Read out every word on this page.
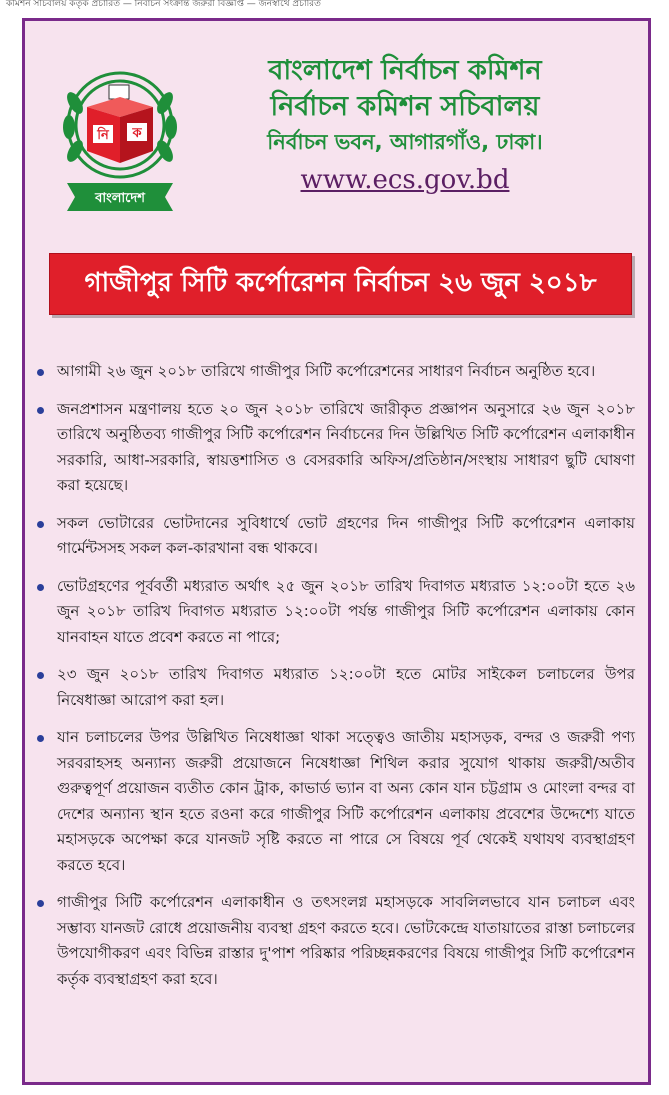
কমিশন সচিবালয় কর্তৃক প্রচারিত — নির্বাচন সংক্রান্ত জরুরী বিজ্ঞপ্তি — জনস্বার্থে প্রচারিত
নি ক
বাংলাদেশ
বাংলাদেশ নির্বাচন কমিশন
নির্বাচন কমিশন সচিবালয়
নির্বাচন ভবন, আগারগাঁও, ঢাকা।
www.ecs.gov.bd
গাজীপুর সিটি কর্পোরেশন নির্বাচন ২৬ জুন ২০১৮
আগামী ২৬ জুন ২০১৮ তারিখে গাজীপুর সিটি কর্পোরেশনের সাধারণ নির্বাচন অনুষ্ঠিত হবে।
জনপ্রশাসন মন্ত্রণালয় হতে ২০ জুন ২০১৮ তারিখে জারীকৃত প্রজ্ঞাপন অনুসারে ২৬ জুন ২০১৮ তারিখে অনুষ্ঠিতব্য গাজীপুর সিটি কর্পোরেশন নির্বাচনের দিন উল্লিখিত সিটি কর্পোরেশন এলাকাধীন সরকারি, আধা-সরকারি, স্বায়ত্তশাসিত ও বেসরকারি অফিস/প্রতিষ্ঠান/সংস্থায় সাধারণ ছুটি ঘোষণা করা হয়েছে।
সকল ভোটারের ভোটদানের সুবিধার্থে ভোট গ্রহণের দিন গাজীপুর সিটি কর্পোরেশন এলাকায় গার্মেন্টসসহ সকল কল-কারখানা বন্ধ থাকবে।
ভোটগ্রহণের পূর্ববর্তী মধ্যরাত অর্থাৎ ২৫ জুন ২০১৮ তারিখ দিবাগত মধ্যরাত ১২:০০টা হতে ২৬ জুন ২০১৮ তারিখ দিবাগত মধ্যরাত ১২:০০টা পর্যন্ত গাজীপুর সিটি কর্পোরেশন এলাকায় কোন যানবাহন যাতে প্রবেশ করতে না পারে;
২৩ জুন ২০১৮ তারিখ দিবাগত মধ্যরাত ১২:০০টা হতে মোটর সাইকেল চলাচলের উপর নিষেধাজ্ঞা আরোপ করা হল।
যান চলাচলের উপর উল্লিখিত নিষেধাজ্ঞা থাকা সত্ত্বেও জাতীয় মহাসড়ক, বন্দর ও জরুরী পণ্য সরবরাহসহ অন্যান্য জরুরী প্রয়োজনে নিষেধাজ্ঞা শিথিল করার সুযোগ থাকায় জরুরী/অতীব গুরুত্বপূর্ণ প্রয়োজন ব্যতীত কোন ট্রাক, কাভার্ড ভ্যান বা অন্য কোন যান চট্টগ্রাম ও মোংলা বন্দর বা দেশের অন্যান্য স্থান হতে রওনা করে গাজীপুর সিটি কর্পোরেশন এলাকায় প্রবেশের উদ্দেশ্যে যাতে মহাসড়কে অপেক্ষা করে যানজট সৃষ্টি করতে না পারে সে বিষয়ে পূর্ব থেকেই যথাযথ ব্যবস্থাগ্রহণ করতে হবে।
গাজীপুর সিটি কর্পোরেশন এলাকাধীন ও তৎসংলগ্ন মহাসড়কে সাবলিলভাবে যান চলাচল এবং সম্ভাব্য যানজট রোধে প্রয়োজনীয় ব্যবস্থা গ্রহণ করতে হবে। ভোটকেন্দ্রে যাতায়াতের রাস্তা চলাচলের উপযোগীকরণ এবং বিভিন্ন রাস্তার দু'পাশ পরিষ্কার পরিচ্ছন্নকরণের বিষয়ে গাজীপুর সিটি কর্পোরেশন কর্তৃক ব্যবস্থাগ্রহণ করা হবে।
